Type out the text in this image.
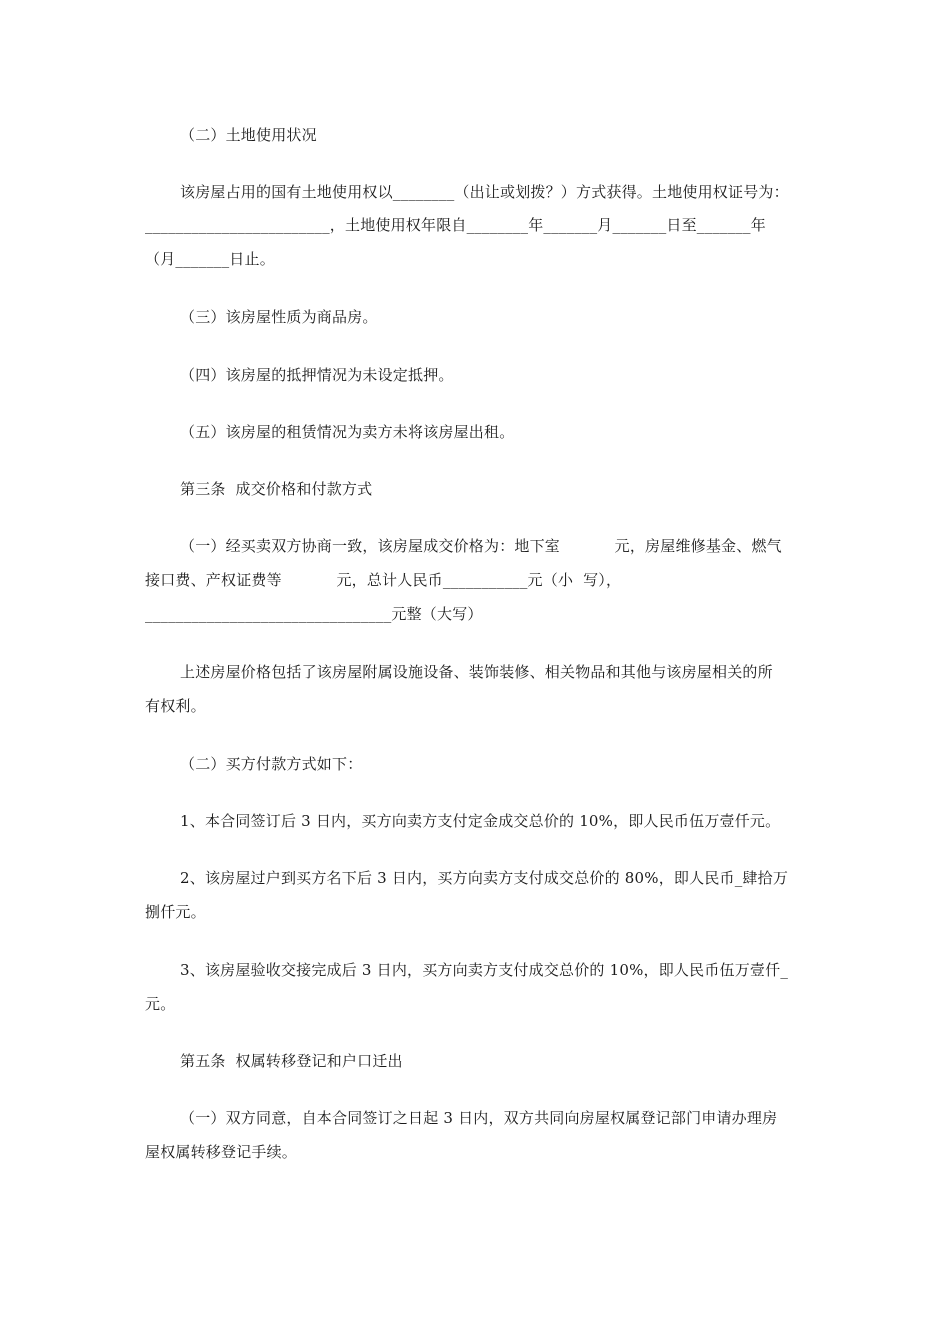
（二）土地使用状况
该房屋占用的国有土地使用权以________（出让或划拨？）方式获得。土地使用权证号为：
________________________，土地使用权年限自________年_______月_______日至_______年
（月_______日止。
（三）该房屋性质为商品房。
（四）该房屋的抵押情况为未设定抵押。
（五）该房屋的租赁情况为卖方未将该房屋出租。
第三条  成交价格和付款方式
（一）经买卖双方协商一致，该房屋成交价格为：地下室           元，房屋维修基金、燃气
接口费、产权证费等           元，总计人民币___________元（小  写），
________________________________元整（大写）
上述房屋价格包括了该房屋附属设施设备、装饰装修、相关物品和其他与该房屋相关的所
有权利。
（二）买方付款方式如下：
1、本合同签订后 3 日内，买方向卖方支付定金成交总价的 10%，即人民币伍万壹仟元。
2、该房屋过户到买方名下后 3 日内，买方向卖方支付成交总价的 80%，即人民币_肆拾万
捌仟元。
3、该房屋验收交接完成后 3 日内，买方向卖方支付成交总价的 10%，即人民币伍万壹仟_
元。
第五条  权属转移登记和户口迁出
（一）双方同意，自本合同签订之日起 3 日内，双方共同向房屋权属登记部门申请办理房
屋权属转移登记手续。
